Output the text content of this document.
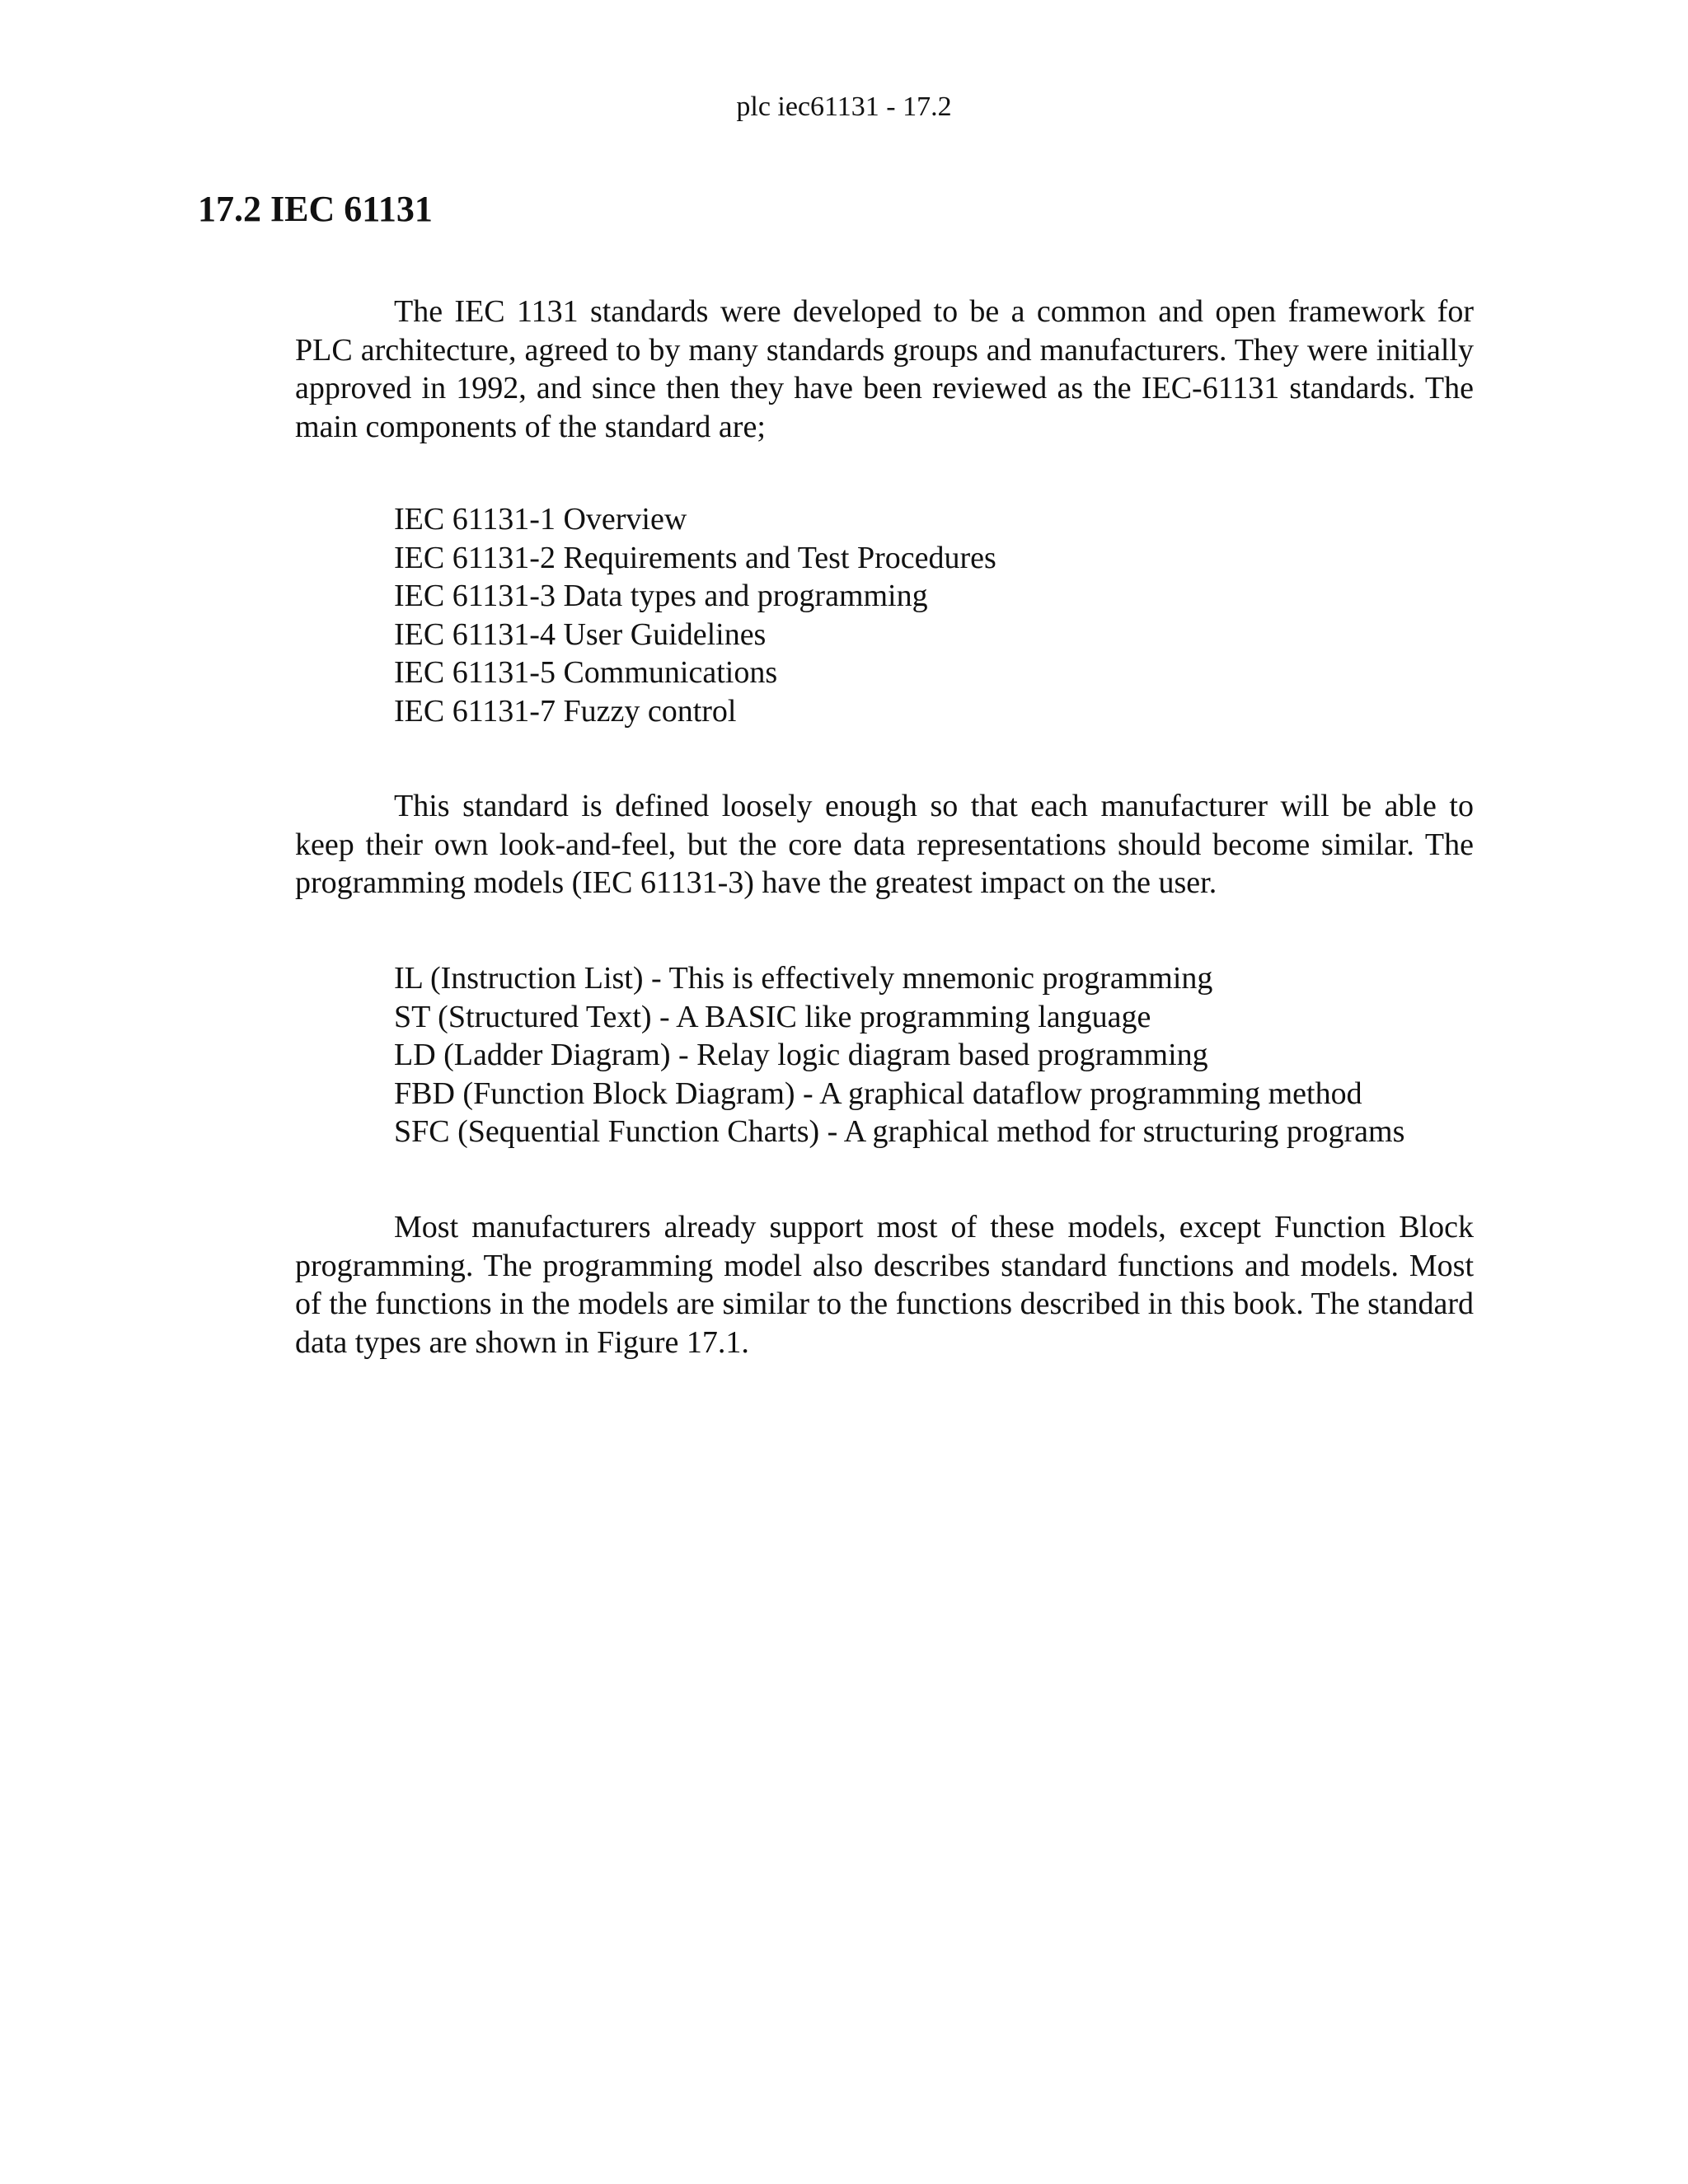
plc iec61131 - 17.2
17.2 IEC 61131

The IEC 1131 standards were developed to be a common and open framework for PLC architecture, agreed to by many standards groups and manufacturers. They were initially approved in 1992, and since then they have been reviewed as the IEC-61131 standards. The main components of the standard are;

IEC 61131-1 Overview
IEC 61131-2 Requirements and Test Procedures
IEC 61131-3 Data types and programming
IEC 61131-4 User Guidelines
IEC 61131-5 Communications
IEC 61131-7 Fuzzy control

This standard is defined loosely enough so that each manufacturer will be able to keep their own look-and-feel, but the core data representations should become similar. The programming models (IEC 61131-3) have the greatest impact on the user.

IL (Instruction List) - This is effectively mnemonic programming
ST (Structured Text) - A BASIC like programming language
LD (Ladder Diagram) - Relay logic diagram based programming
FBD (Function Block Diagram) - A graphical dataflow programming method
SFC (Sequential Function Charts) - A graphical method for structuring programs

Most manufacturers already support most of these models, except Function Block programming. The programming model also describes standard functions and models. Most of the functions in the models are similar to the functions described in this book. The standard data types are shown in Figure 17.1.
